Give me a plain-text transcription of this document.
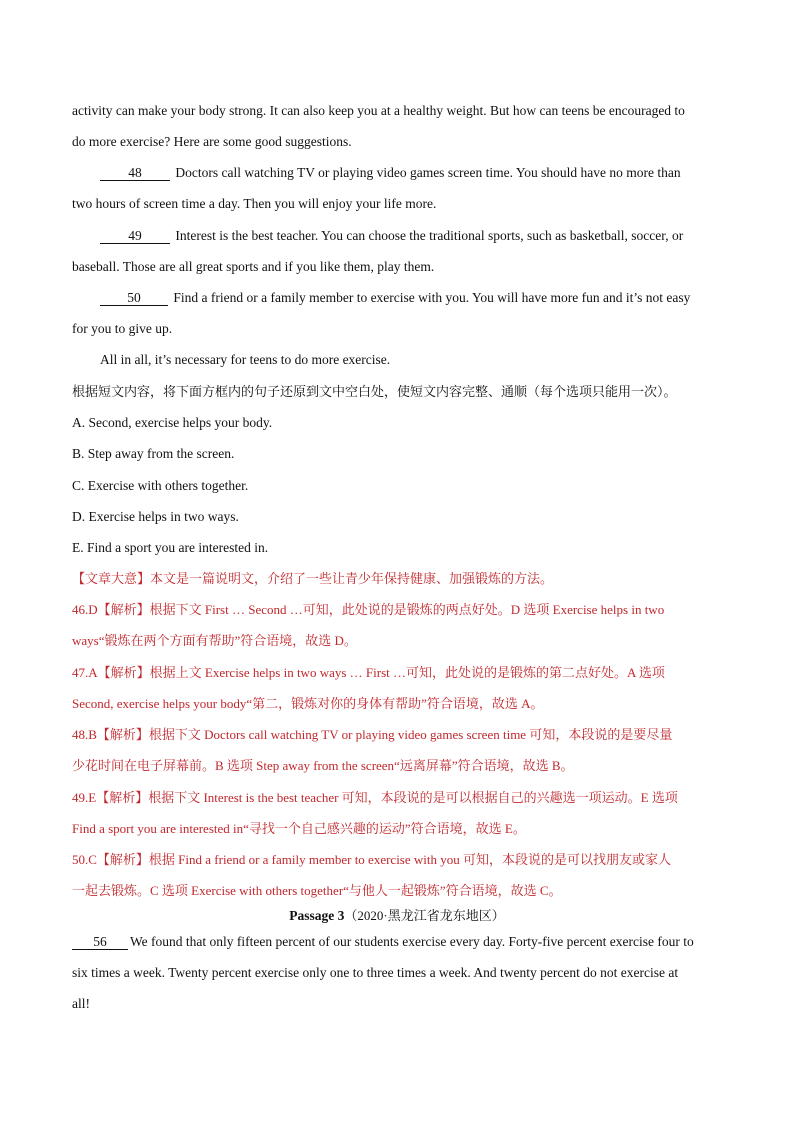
activity can make your body strong. It can also keep you at a healthy weight. But how can teens be encouraged to
do more exercise? Here are some good suggestions.
48 Doctors call watching TV or playing video games screen time. You should have no more than
two hours of screen time a day. Then you will enjoy your life more.
49 Interest is the best teacher. You can choose the traditional sports, such as basketball, soccer, or
baseball. Those are all great sports and if you like them, play them.
50 Find a friend or a family member to exercise with you. You will have more fun and it’s not easy
for you to give up.
All in all, it’s necessary for teens to do more exercise.
根据短文内容，将下面方框内的句子还原到文中空白处，使短文内容完整、通顺（每个选项只能用一次）。
A. Second, exercise helps your body.
B. Step away from the screen.
C. Exercise with others together.
D. Exercise helps in two ways.
E. Find a sport you are interested in.
【文章大意】本文是一篇说明文，介绍了一些让青少年保持健康、加强锻炼的方法。
46.D【解析】根据下文 First … Second …可知，此处说的是锻炼的两点好处。D 选项 Exercise helps in two
ways“锻炼在两个方面有帮助”符合语境，故选 D。
47.A【解析】根据上文 Exercise helps in two ways … First …可知，此处说的是锻炼的第二点好处。A 选项
Second, exercise helps your body“第二，锻炼对你的身体有帮助”符合语境，故选 A。
48.B【解析】根据下文 Doctors call watching TV or playing video games screen time 可知，本段说的是要尽量
少花时间在电子屏幕前。B 选项 Step away from the screen“远离屏幕”符合语境，故选 B。
49.E【解析】根据下文 Interest is the best teacher 可知，本段说的是可以根据自己的兴趣选一项运动。E 选项
Find a sport you are interested in“寻找一个自己感兴趣的运动”符合语境，故选 E。
50.C【解析】根据 Find a friend or a family member to exercise with you 可知，本段说的是可以找朋友或家人
一起去锻炼。C 选项 Exercise with others together“与他人一起锻炼”符合语境，故选 C。
Passage 3（2020·黑龙江省龙东地区）
56 We found that only fifteen percent of our students exercise every day. Forty-five percent exercise four to
six times a week. Twenty percent exercise only one to three times a week. And twenty percent do not exercise at
all!
